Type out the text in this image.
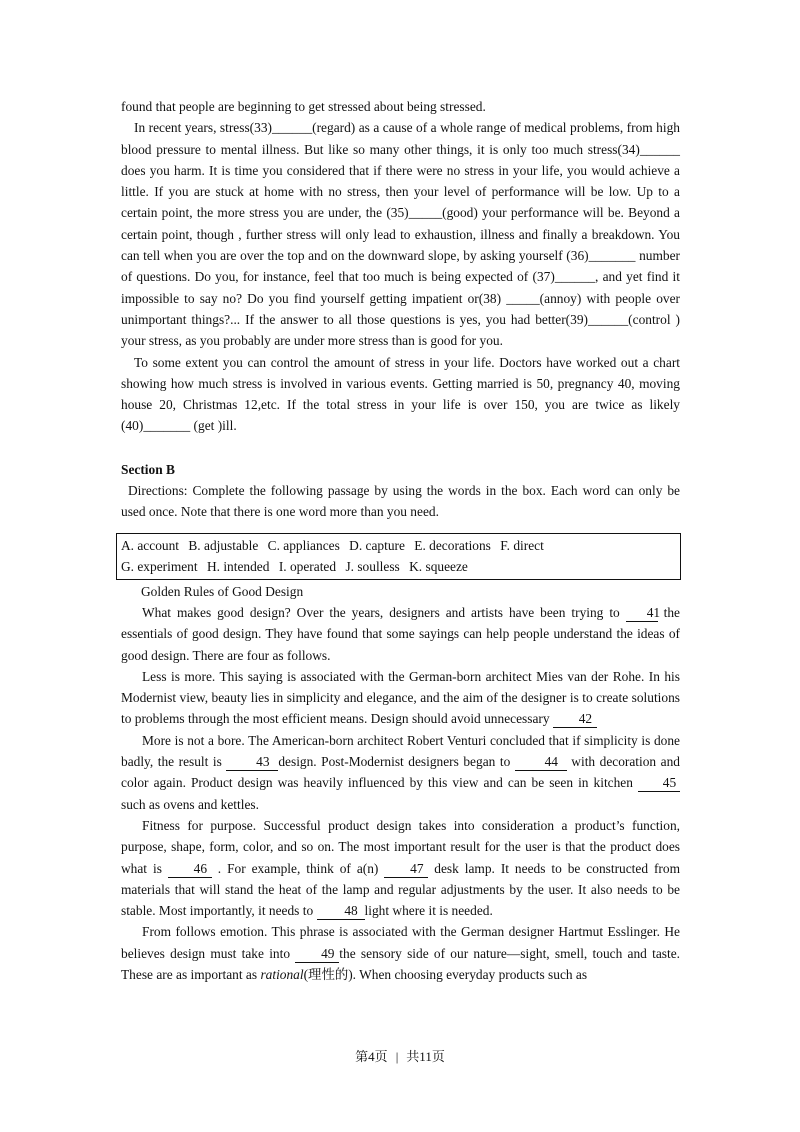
found that people are beginning to get stressed about being stressed.

In recent years, stress(33)______(regard) as a cause of a whole range of medical problems, from high blood pressure to mental illness. But like so many other things, it is only too much stress(34)______ does you harm. It is time you considered that if there were no stress in your life, you would achieve a little. If you are stuck at home with no stress, then your level of performance will be low. Up to a certain point, the more stress you are under, the (35)_____(good) your performance will be. Beyond a certain point, though , further stress will only lead to exhaustion, illness and finally a breakdown. You can tell when you are over the top and on the downward slope, by asking yourself (36)_______ number of questions. Do you, for instance, feel that too much is being expected of (37)______, and yet find it impossible to say no? Do you find yourself getting impatient or(38) _____(annoy) with people over unimportant things?... If the answer to all those questions is yes, you had better(39)______(control ) your stress, as you probably are under more stress than is good for you.

To some extent you can control the amount of stress in your life. Doctors have worked out a chart showing how much stress is involved in various events. Getting married is 50, pregnancy 40, moving house 20, Christmas 12,etc. If the total stress in your life is over 150, you are twice as likely (40)_______ (get )ill.

Section B

Directions: Complete the following passage by using the words in the box. Each word can only be used once. Note that there is one word more than you need.

A. account B. adjustable C. appliances D. capture E. decorations F. direct
G. experiment H. intended I. operated J. soulless K. squeeze

Golden Rules of Good Design

What makes good design? Over the years, designers and artists have been trying to 41 the essentials of good design. They have found that some sayings can help people understand the ideas of good design. There are four as follows.

Less is more. This saying is associated with the German-born architect Mies van der Rohe. In his Modernist view, beauty lies in simplicity and elegance, and the aim of the designer is to create solutions to problems through the most efficient means. Design should avoid unnecessary 42

More is not a bore. The American-born architect Robert Venturi concluded that if simplicity is done badly, the result is 43 design. Post-Modernist designers began to 44 with decoration and color again. Product design was heavily influenced by this view and can be seen in kitchen 45 such as ovens and kettles.

Fitness for purpose. Successful product design takes into consideration a product’s function, purpose, shape, form, color, and so on. The most important result for the user is that the product does what is 46 . For example, think of a(n) 47 desk lamp. It needs to be constructed from materials that will stand the heat of the lamp and regular adjustments by the user. It also needs to be stable. Most importantly, it needs to 48 light where it is needed.

From follows emotion. This phrase is associated with the German designer Hartmut Esslinger. He believes design must take into 49 the sensory side of our nature—sight, smell, touch and taste. These are as important as rational(理性的). When choosing everyday products such as

第4页 | 共11页
